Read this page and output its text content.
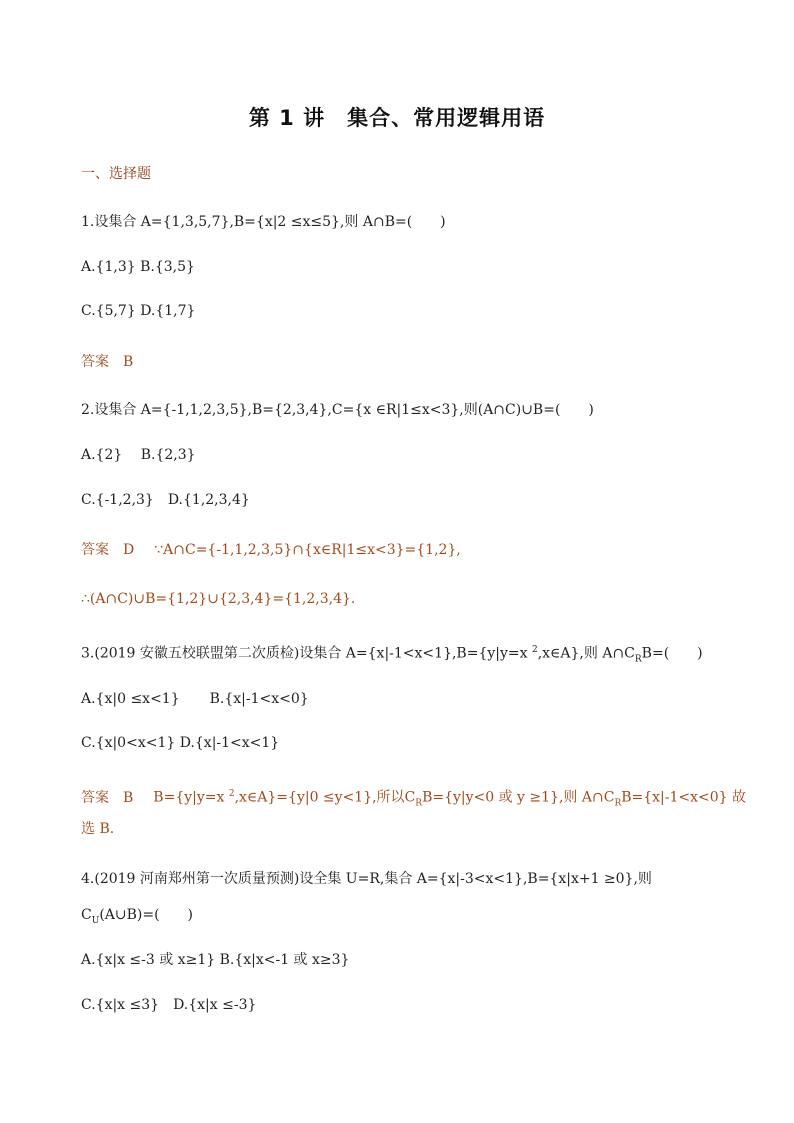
第 1 讲　集合、常用逻辑用语
一、选择题
1.设集合 A={1,3,5,7},B={x|2 ≤x≤5},则 A∩B=(　　)
A.{1,3} B.{3,5}
C.{5,7} D.{1,7}
答案 B
2.设集合 A={-1,1,2,3,5},B={2,3,4},C={x ∈R|1≤x<3},则(A∩C)∪B=(　　)
A.{2}　 B.{2,3}
C.{-1,2,3}　D.{1,2,3,4}
答案 D ∵A∩C={-1,1,2,3,5}∩{x∈R|1≤x<3}={1,2},
∴(A∩C)∪B={1,2}∪{2,3,4}={1,2,3,4}.
3.(2019 安徽五校联盟第二次质检)设集合 A={x|-1<x<1},B={y|y=x $^2$,x∈A},则 $A\cap C_RB=$(　　)
A.{x|0 ≤x<1} B.{x|-1<x<0}
C.{x|0<x<1} D.{x|-1<x<1}
答案 B B={y|y=x $^2$,x∈A}={y|0 ≤y<1},所以$C_RB=\{y|y<0$ 或 y ≥1},则 $A\cap C_RB=\{x|-1<x<0\}$ 故
选 B.
4.(2019 河南郑州第一次质量预测)设全集 U=R,集合 A={x|-3<x<1},B={x|x+1 ≥0},则
$C_U(A\cup B)=$(　　)
A.{x|x ≤-3 或 x≥1} B.{x|x<-1 或 x≥3}
C.{x|x ≤3}　D.{x|x ≤-3}
